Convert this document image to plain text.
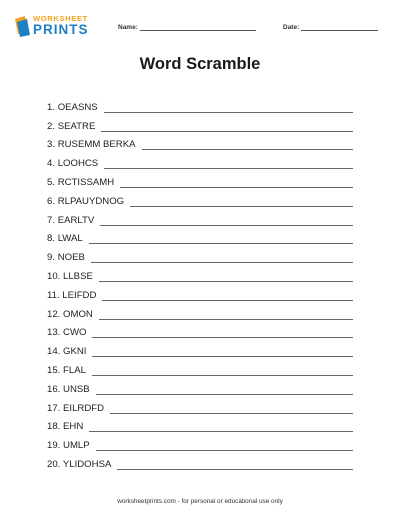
WORKSHEET
PRINTS	Name:	Date:
Word Scramble
1. OEASNS
2. SEATRE
3. RUSEMM BERKA
4. LOOHCS
5. RCTISSAMH
6. RLPAUYDNOG
7. EARLTV
8. LWAL
9. NOEB
10. LLBSE
11. LEIFDD
12. OMON
13. CWO
14. GKNI
15. FLAL
16. UNSB
17. EILRDFD
18. EHN
19. UMLP
20. YLIDOHSA
worksheetprints.com - for personal or educational use only
